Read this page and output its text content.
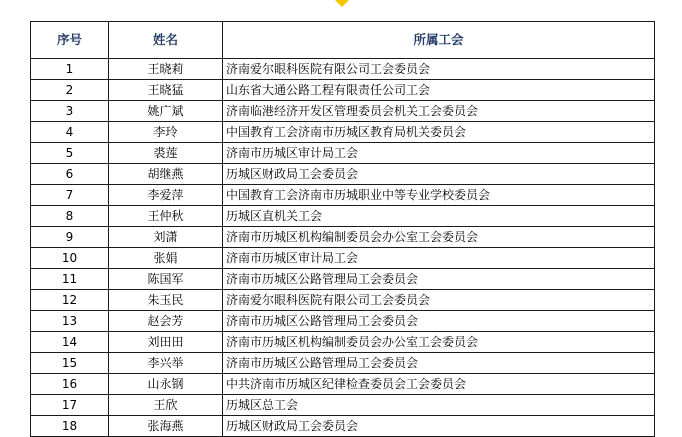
序号	姓名	所属工会
1	王晓莉	济南爱尔眼科医院有限公司工会委员会
2	王晓猛	山东省大通公路工程有限责任公司工会
3	姚广斌	济南临港经济开发区管理委员会机关工会委员会
4	李玲	中国教育工会济南市历城区教育局机关委员会
5	裘莲	济南市历城区审计局工会
6	胡继燕	历城区财政局工会委员会
7	李爱萍	中国教育工会济南市历城职业中等专业学校委员会
8	王仲秋	历城区直机关工会
9	刘潇	济南市历城区机构编制委员会办公室工会委员会
10	张娟	济南市历城区审计局工会
11	陈国军	济南市历城区公路管理局工会委员会
12	朱玉民	济南爱尔眼科医院有限公司工会委员会
13	赵会芳	济南市历城区公路管理局工会委员会
14	刘田田	济南市历城区机构编制委员会办公室工会委员会
15	李兴举	济南市历城区公路管理局工会委员会
16	山永钢	中共济南市历城区纪律检查委员会工会委员会
17	王欣	历城区总工会
18	张海燕	历城区财政局工会委员会
